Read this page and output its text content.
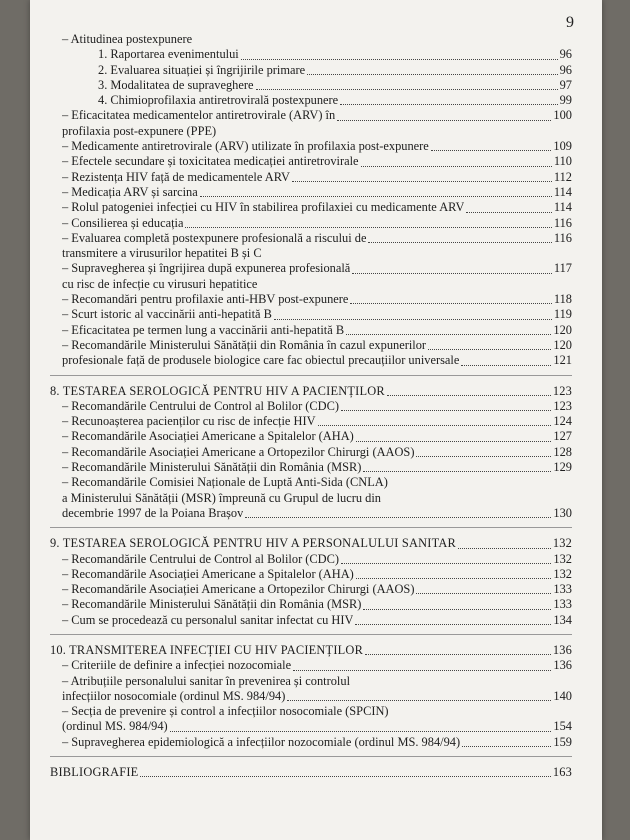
9
– Atitudinea postexpunere
1. Raportarea evenimentului	96
2. Evaluarea situației și îngrijirile primare	96
3. Modalitatea de supraveghere	97
4. Chimioprofilaxia antiretrovirală postexpunere	99
– Eficacitatea medicamentelor antiretrovirale (ARV) în	100
profilaxia post-expunere (PPE)
– Medicamente antiretrovirale (ARV) utilizate în profilaxia post-expunere	109
– Efectele secundare și toxicitatea medicației antiretrovirale	110
– Rezistența HIV față de medicamentele ARV	112
– Medicația ARV și sarcina	114
– Rolul patogeniei infecției cu HIV în stabilirea profilaxiei cu medicamente ARV	114
– Consilierea și educația	116
– Evaluarea completă postexpunere profesională a riscului de	116
transmitere a virusurilor hepatitei B și C
– Supravegherea și îngrijirea după expunerea profesională	117
cu risc de infecție cu virusuri hepatitice
– Recomandări pentru profilaxie anti-HBV post-expunere	118
– Scurt istoric al vaccinării anti-hepatită B	119
– Eficacitatea pe termen lung a vaccinării anti-hepatită B	120
– Recomandările Ministerului Sănătății din România în cazul expunerilor	120
profesionale față de produsele biologice care fac obiectul precauțiilor universale	121
8. TESTAREA SEROLOGICĂ PENTRU HIV A PACIENȚILOR	123
– Recomandările Centrului de Control al Bolilor (CDC)	123
– Recunoașterea pacienților cu risc de infecție HIV	124
– Recomandările Asociației Americane a Spitalelor (AHA)	127
– Recomandările Asociației Americane a Ortopezilor Chirurgi (AAOS)	128
– Recomandările Ministerului Sănătății din România (MSR)	129
– Recomandările Comisiei Naționale de Luptă Anti-Sida (CNLA)
a Ministerului Sănătății (MSR) împreună cu Grupul de lucru din
decembrie 1997 de la Poiana Brașov	130
9. TESTAREA SEROLOGICĂ PENTRU HIV A PERSONALULUI SANITAR	132
– Recomandările Centrului de Control al Bolilor (CDC)	132
– Recomandările Asociației Americane a Spitalelor (AHA)	132
– Recomandările Asociației Americane a Ortopezilor Chirurgi (AAOS)	133
– Recomandările Ministerului Sănătății din România (MSR)	133
– Cum se procedează cu personalul sanitar infectat cu HIV	134
10. TRANSMITEREA INFECȚIEI CU HIV PACIENȚILOR	136
– Criteriile de definire a infecției nozocomiale	136
– Atribuțiile personalului sanitar în prevenirea și controlul
infecțiilor nosocomiale (ordinul MS. 984/94)	140
– Secția de prevenire și control a infecțiilor nosocomiale (SPCIN)
(ordinul MS. 984/94)	154
– Supravegherea epidemiologică a infecțiilor nozocomiale (ordinul MS. 984/94)	159
BIBLIOGRAFIE	163
